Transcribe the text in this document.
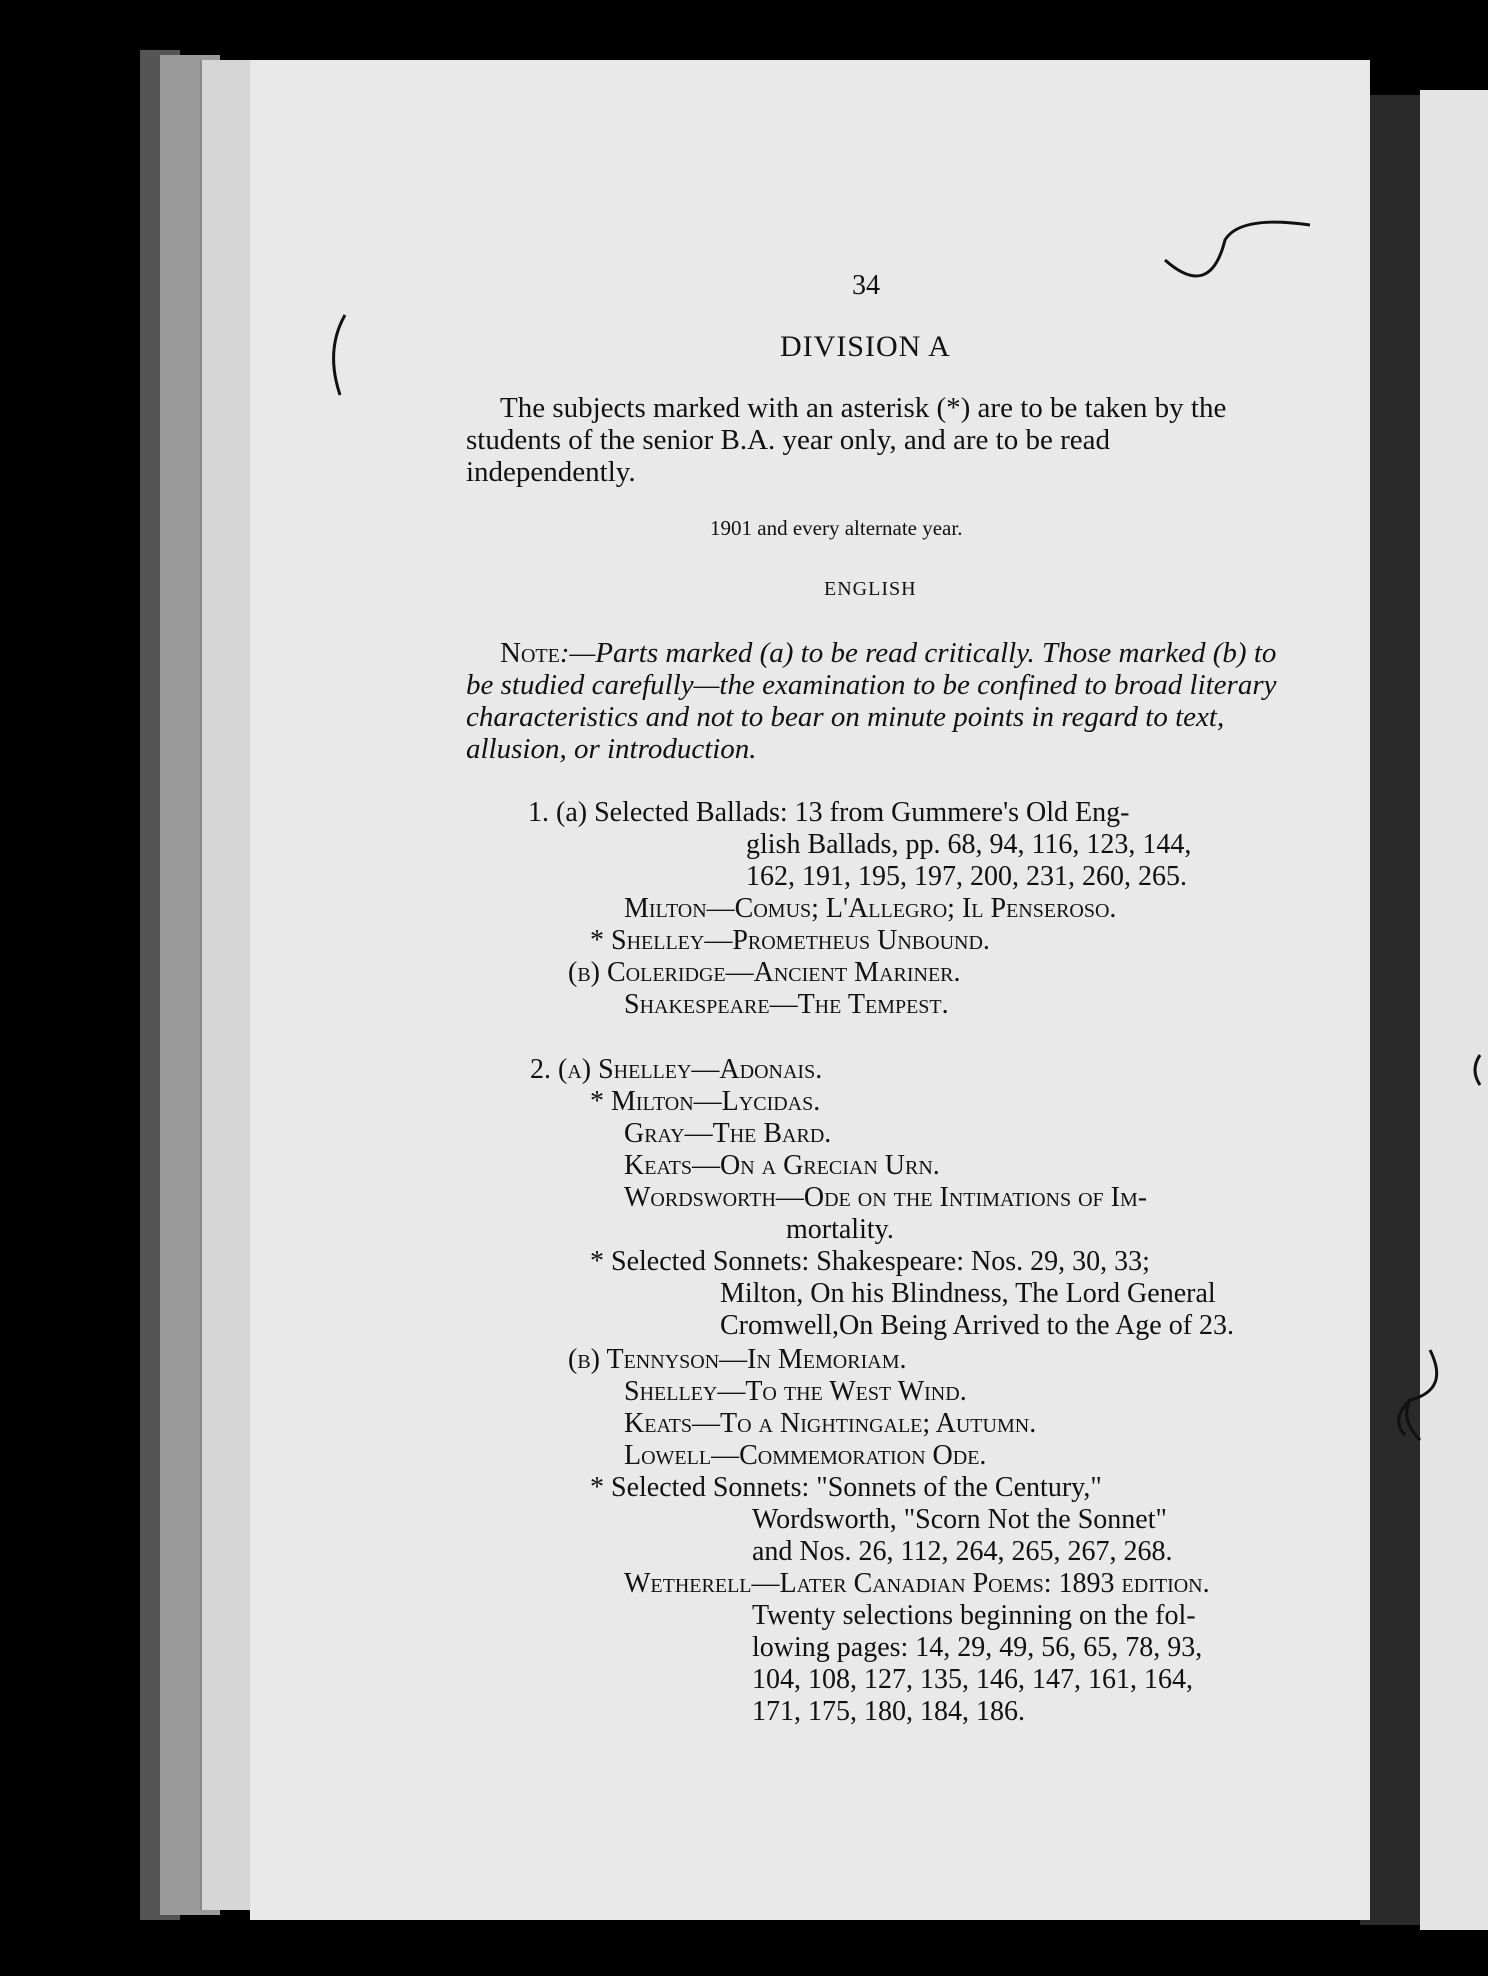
34
DIVISION A
The subjects marked with an asterisk (*) are to be taken by the students of the senior B.A. year only, and are to be read independently.
1901 and every alternate year.
ENGLISH
Note:—Parts marked (a) to be read critically. Those marked (b) to be studied carefully—the examination to be confined to broad literary characteristics and not to bear on minute points in regard to text, allusion, or introduction.
1. (a) Selected Ballads: 13 from Gummere's Old Eng-
glish Ballads, pp. 68, 94, 116, 123, 144,
162, 191, 195, 197, 200, 231, 260, 265.
Milton—Comus; L'Allegro; Il Penseroso.
* Shelley—Prometheus Unbound.
(b) Coleridge—Ancient Mariner.
Shakespeare—The Tempest.
2. (a) Shelley—Adonais.
* Milton—Lycidas.
Gray—The Bard.
Keats—On a Grecian Urn.
Wordsworth—Ode on the Intimations of Im-
mortality.
* Selected Sonnets: Shakespeare: Nos. 29, 30, 33;
Milton, On his Blindness, The Lord General
Cromwell,On Being Arrived to the Age of 23.
(b) Tennyson—In Memoriam.
Shelley—To the West Wind.
Keats—To a Nightingale; Autumn.
Lowell—Commemoration Ode.
* Selected Sonnets: "Sonnets of the Century,"
Wordsworth, "Scorn Not the Sonnet"
and Nos. 26, 112, 264, 265, 267, 268.
Wetherell—Later Canadian Poems: 1893 edition.
Twenty selections beginning on the fol-
lowing pages: 14, 29, 49, 56, 65, 78, 93,
104, 108, 127, 135, 146, 147, 161, 164,
171, 175, 180, 184, 186.
